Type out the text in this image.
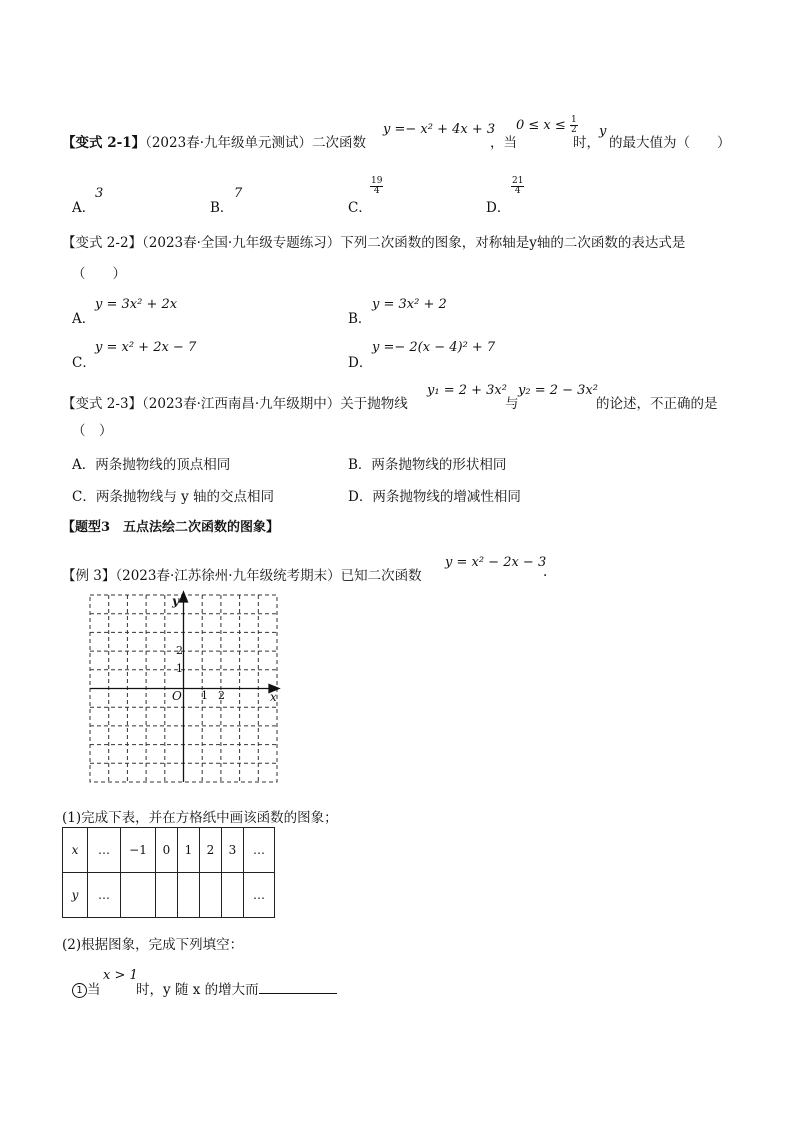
【变式 2-1】（2023春·九年级单元测试）二次函数
y =− x² + 4x + 3
，当
$0 \le x \le \frac{1}{2}$
时，
y
的最大值为（　　）
A．
3
B．
7
C．
$\frac{19}{4}$
D．
$\frac{21}{4}$
【变式 2-2】（2023春·全国·九年级专题练习）下列二次函数的图象，对称轴是y轴的二次函数的表达式是
（　　）
A．
y = 3x² + 2x
B．
y = 3x² + 2
C．
y = x² + 2x − 7
D．
y =− 2(x − 4)² + 7
【变式 2-3】（2023春·江西南昌·九年级期中）关于抛物线
y₁ = 2 + 3x²
与
y₂ = 2 − 3x²
的论述，不正确的是
（　）
A．两条抛物线的顶点相同	B．两条抛物线的形状相同
C．两条抛物线与 y 轴的交点相同	D．两条抛物线的增减性相同
【题型3　五点法绘二次函数的图象】
【例 3】（2023春·江苏徐州·九年级统考期末）已知二次函数
y = x² − 2x − 3
.
y
x
O 1 2
2
1
(1)完成下表，并在方格纸中画该函数的图象；
x	…	−1	0	1	2	3	…
y	…						…
(2)根据图象，完成下列填空：
1 当
x > 1
时，y 随 x 的增大而
